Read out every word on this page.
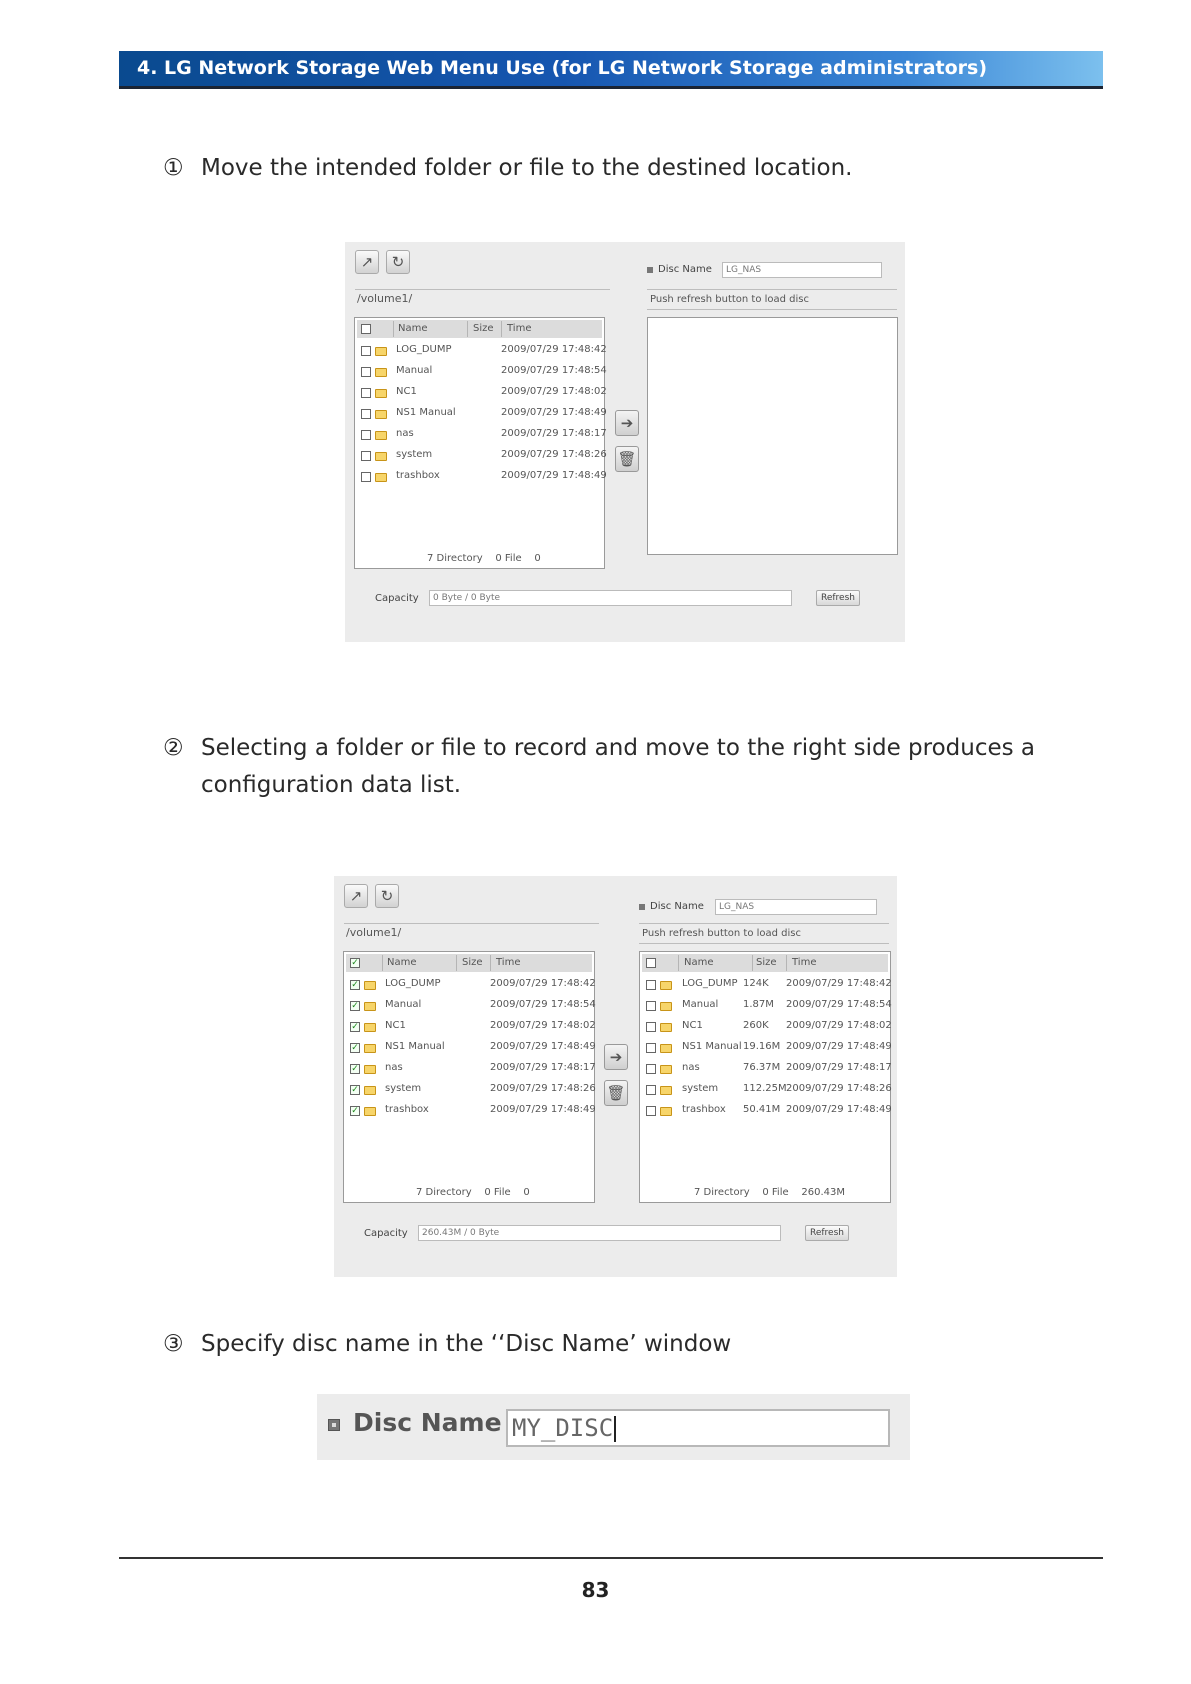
4. LG Network Storage Web Menu Use (for LG Network Storage administrators)
① Move the intended folder or file to the destined location.
↗	↻
/volume1/
Name	Size Time
7 Directory 0 File 0
LOG_DUMP	2009/07/29 17:48:42
Manual	2009/07/29 17:48:54
NC1	2009/07/29 17:48:02
NS1 Manual	2009/07/29 17:48:49
nas	2009/07/29 17:48:17
system	2009/07/29 17:48:26
trashbox	2009/07/29 17:48:49
➔
🗑
Disc Name	LG_NAS
Push refresh button to load disc
Capacity	0 Byte / 0 Byte	Refresh
② Selecting a folder or file to record and move to the right side produces a configuration data list.
↗	↻
/volume1/
✓	Name	Size Time
7 Directory 0 File 0
✓	LOG_DUMP	2009/07/29 17:48:42
✓	Manual	2009/07/29 17:48:54
✓	NC1	2009/07/29 17:48:02
✓	NS1 Manual	2009/07/29 17:48:49
✓	nas	2009/07/29 17:48:17
✓	system	2009/07/29 17:48:26
✓	trashbox	2009/07/29 17:48:49
➔
🗑
Disc Name	LG_NAS
Push refresh button to load disc
Name	Size Time
7 Directory 0 File 260.43M
LOG_DUMP 124K 2009/07/29 17:48:42
Manual 1.87M 2009/07/29 17:48:54
NC1	260K 2009/07/29 17:48:02
NS1 Manual 19.16M 2009/07/29 17:48:49
nas	76.37M 2009/07/29 17:48:17
system 112.25M 2009/07/29 17:48:26
trashbox 50.41M 2009/07/29 17:48:49
Capacity	260.43M / 0 Byte	Refresh
③ Specify disc name in the ‘‘Disc Name’ window
Disc Name MY_DISC
83
